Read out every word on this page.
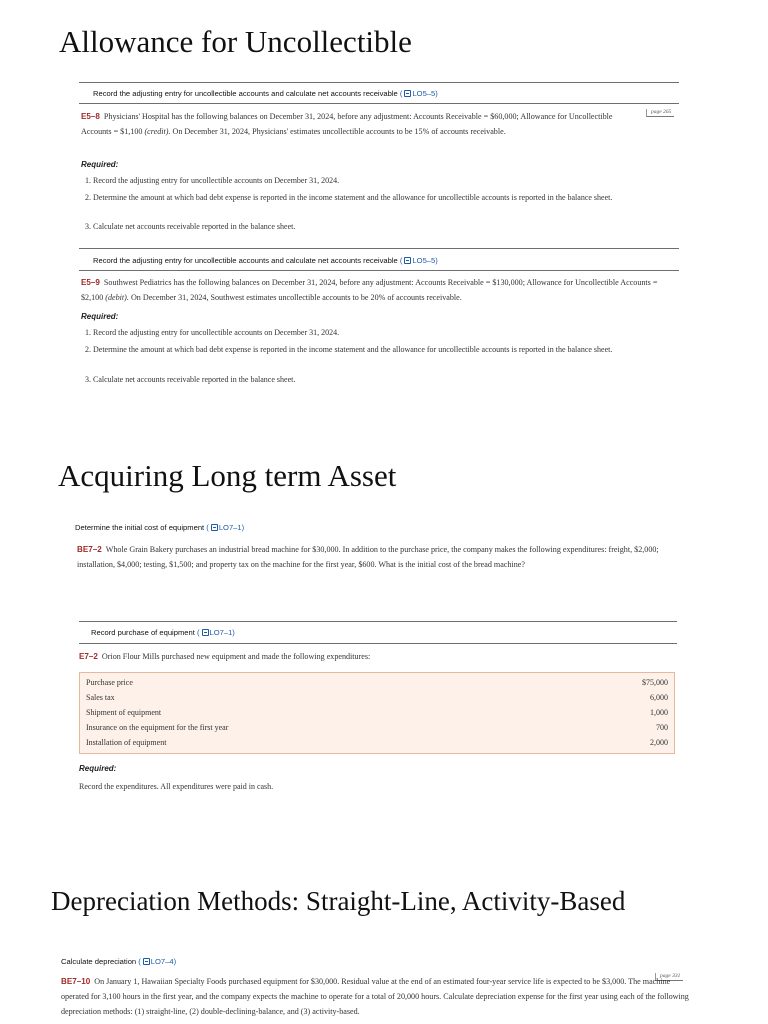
Allowance for Uncollectible
Record the adjusting entry for uncollectible accounts and calculate net accounts receivable ( LO5–5)
page 265

E5–8 Physicians' Hospital has the following balances on December 31, 2024, before any adjustment: Accounts Receivable = $60,000; Allowance for Uncollectible Accounts = $1,100 (credit). On December 31, 2024, Physicians' estimates uncollectible accounts to be 15% of accounts receivable.

Required:

1. Record the adjusting entry for uncollectible accounts on December 31, 2024.

2. Determine the amount at which bad debt expense is reported in the income statement and the allowance for uncollectible accounts is reported in the balance sheet.

3. Calculate net accounts receivable reported in the balance sheet.

Record the adjusting entry for uncollectible accounts and calculate net accounts receivable ( LO5–5)

E5–9 Southwest Pediatrics has the following balances on December 31, 2024, before any adjustment: Accounts Receivable = $130,000; Allowance for Uncollectible Accounts = $2,100 (debit). On December 31, 2024, Southwest estimates uncollectible accounts to be 20% of accounts receivable.

Required:

1. Record the adjusting entry for uncollectible accounts on December 31, 2024.

2. Determine the amount at which bad debt expense is reported in the income statement and the allowance for uncollectible accounts is reported in the balance sheet.

3. Calculate net accounts receivable reported in the balance sheet.

Acquiring Long term Asset
Determine the initial cost of equipment ( LO7–1)

BE7–2 Whole Grain Bakery purchases an industrial bread machine for $30,000. In addition to the purchase price, the company makes the following expenditures: freight, $2,000; installation, $4,000; testing, $1,500; and property tax on the machine for the first year, $600. What is the initial cost of the bread machine?

Record purchase of equipment ( LO7–1)

E7–2 Orion Flour Mills purchased new equipment and made the following expenditures:

Purchase price	$75,000
Sales tax	6,000
Shipment of equipment	1,000
Insurance on the equipment for the first year	700
Installation of equipment	2,000
Required:

Record the expenditures. All expenditures were paid in cash.

Depreciation Methods: Straight-Line, Activity-Based
Calculate depreciation ( LO7–4)
page 331

BE7–10 On January 1, Hawaiian Specialty Foods purchased equipment for $30,000. Residual value at the end of an estimated four-year service life is expected to be $3,000. The machine operated for 3,100 hours in the first year, and the company expects the machine to operate for a total of 20,000 hours. Calculate depreciation expense for the first year using each of the following depreciation methods: (1) straight-line, (2) double-declining-balance, and (3) activity-based.
